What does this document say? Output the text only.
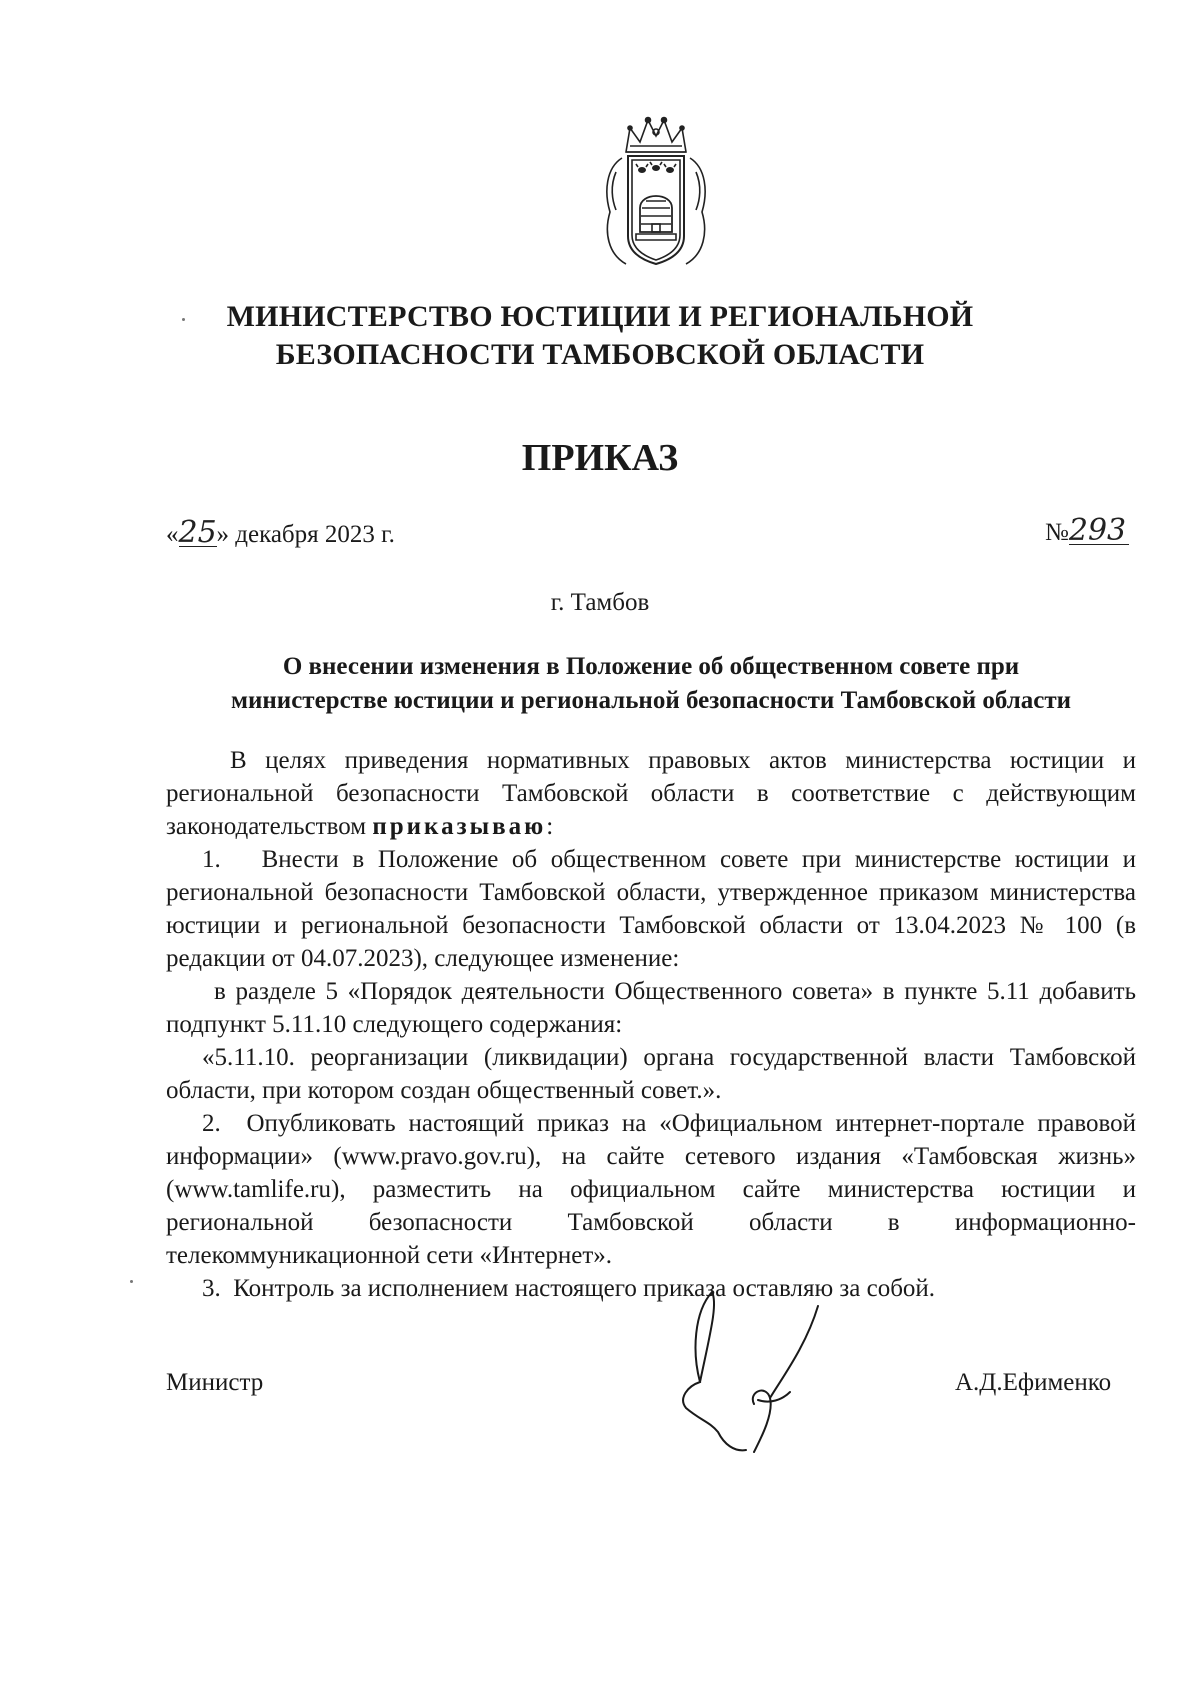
МИНИСТЕРСТВО ЮСТИЦИИ И РЕГИОНАЛЬНОЙ
БЕЗОПАСНОСТИ ТАМБОВСКОЙ ОБЛАСТИ
ПРИКАЗ
«25» декабря 2023 г.	№293
г. Тамбов
О внесении изменения в Положение об общественном совете при
министерстве юстиции и региональной безопасности Тамбовской области

В целях приведения нормативных правовых актов министерства юстиции и региональной безопасности Тамбовской области в соответствие с действующим законодательством приказываю:

1.   Внести в Положение об общественном совете при министерстве юстиции и региональной безопасности Тамбовской области, утвержденное приказом министерства юстиции и региональной безопасности Тамбовской области от 13.04.2023 № 100 (в редакции от 04.07.2023), следующее изменение:

в разделе 5 «Порядок деятельности Общественного совета» в пункте 5.11 добавить подпункт 5.11.10 следующего содержания:

«5.11.10. реорганизации (ликвидации) органа государственной власти Тамбовской области, при котором создан общественный совет.».

2.  Опубликовать настоящий приказ на «Официальном интернет-портале правовой информации» (www.pravo.gov.ru), на сайте сетевого издания «Тамбовская жизнь» (www.tamlife.ru), разместить на официальном сайте министерства юстиции и региональной безопасности Тамбовской области в информационно-телекоммуникационной сети «Интернет».

3.  Контроль за исполнением настоящего приказа оставляю за собой.

Министр	А.Д.Ефименко
